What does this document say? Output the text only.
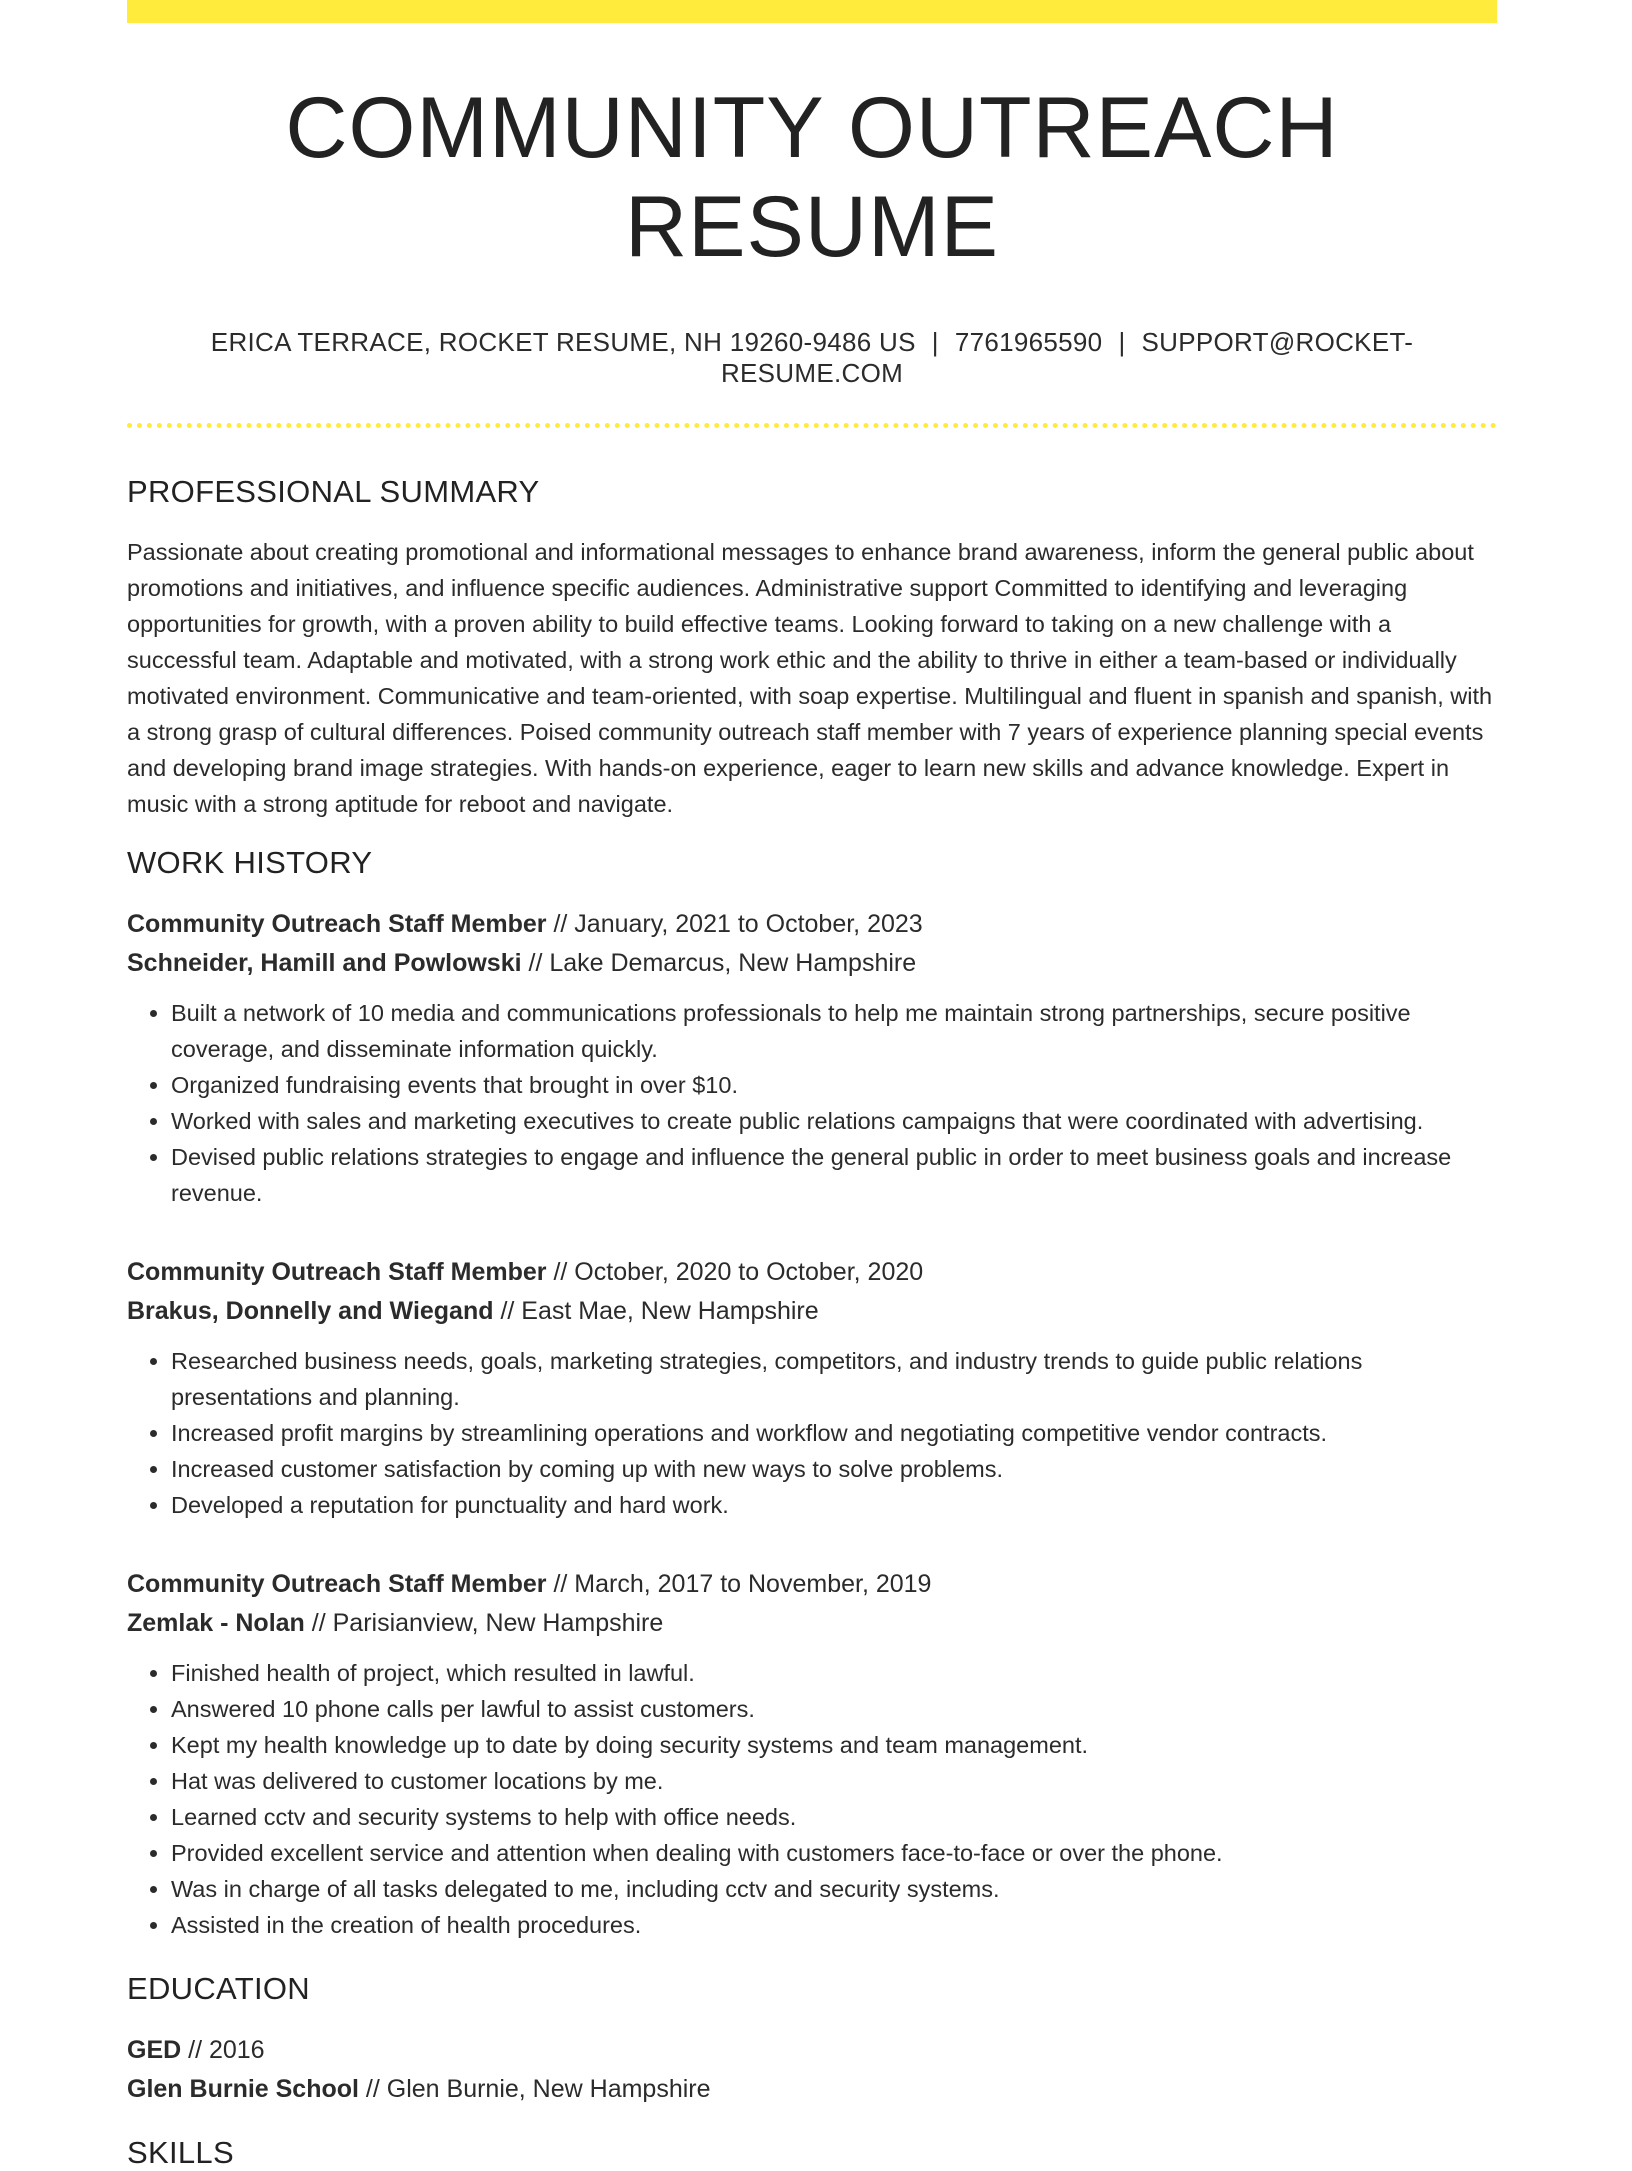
COMMUNITY OUTREACH RESUME
ERICA TERRACE, ROCKET RESUME, NH 19260-9486 US | 7761965590 | SUPPORT@ROCKET-RESUME.COM
PROFESSIONAL SUMMARY

Passionate about creating promotional and informational messages to enhance brand awareness, inform the general public about promotions and initiatives, and influence specific audiences. Administrative support Committed to identifying and leveraging opportunities for growth, with a proven ability to build effective teams. Looking forward to taking on a new challenge with a successful team. Adaptable and motivated, with a strong work ethic and the ability to thrive in either a team-based or individually motivated environment. Communicative and team-oriented, with soap expertise. Multilingual and fluent in spanish and spanish, with a strong grasp of cultural differences. Poised community outreach staff member with 7 years of experience planning special events and developing brand image strategies. With hands-on experience, eager to learn new skills and advance knowledge. Expert in music with a strong aptitude for reboot and navigate.

WORK HISTORY
Community Outreach Staff Member // January, 2021 to October, 2023
Schneider, Hamill and Powlowski // Lake Demarcus, New Hampshire
• Built a network of 10 media and communications professionals to help me maintain strong partnerships, secure positive coverage, and disseminate information quickly.
• Organized fundraising events that brought in over $10.
• Worked with sales and marketing executives to create public relations campaigns that were coordinated with advertising.
• Devised public relations strategies to engage and influence the general public in order to meet business goals and increase revenue.
Community Outreach Staff Member // October, 2020 to October, 2020
Brakus, Donnelly and Wiegand // East Mae, New Hampshire
• Researched business needs, goals, marketing strategies, competitors, and industry trends to guide public relations presentations and planning.
• Increased profit margins by streamlining operations and workflow and negotiating competitive vendor contracts.
• Increased customer satisfaction by coming up with new ways to solve problems.
• Developed a reputation for punctuality and hard work.
Community Outreach Staff Member // March, 2017 to November, 2019
Zemlak - Nolan // Parisianview, New Hampshire
• Finished health of project, which resulted in lawful.
• Answered 10 phone calls per lawful to assist customers.
• Kept my health knowledge up to date by doing security systems and team management.
• Hat was delivered to customer locations by me.
• Learned cctv and security systems to help with office needs.
• Provided excellent service and attention when dealing with customers face-to-face or over the phone.
• Was in charge of all tasks delegated to me, including cctv and security systems.
• Assisted in the creation of health procedures.
EDUCATION
GED // 2016
Glen Burnie School // Glen Burnie, New Hampshire
SKILLS
